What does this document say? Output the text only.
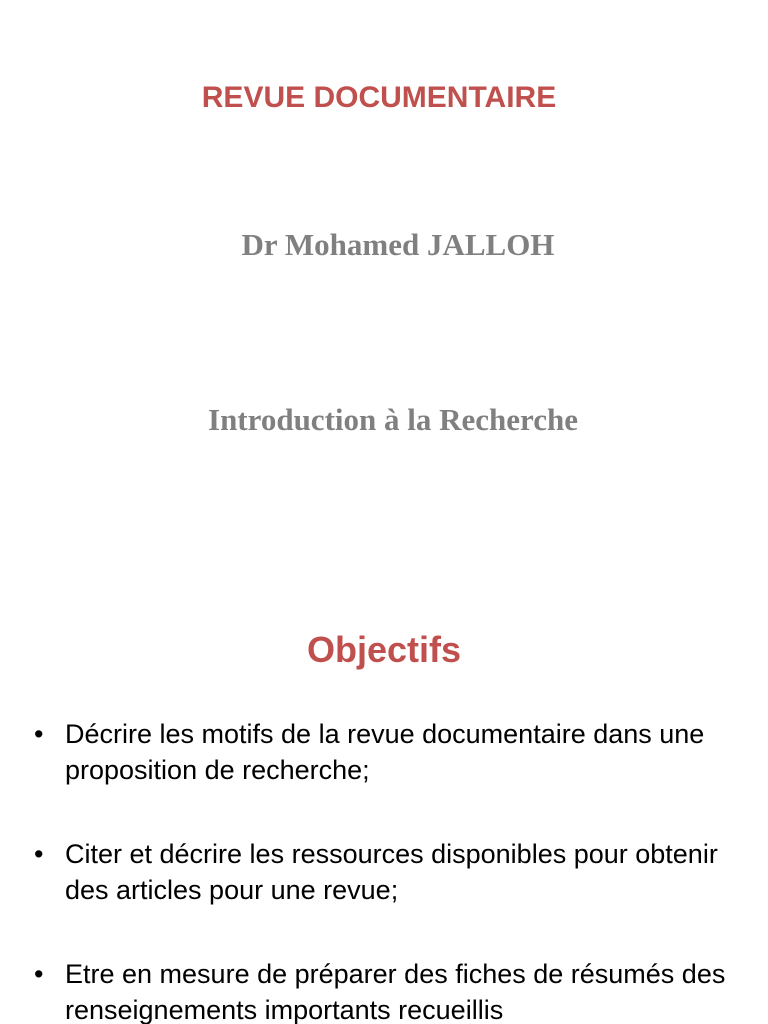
REVUE DOCUMENTAIRE
Dr Mohamed JALLOH
Introduction à la Recherche
Objectifs
• Décrire les motifs de la revue documentaire dans une proposition de recherche;
• Citer et décrire les ressources disponibles pour obtenir des articles pour une revue;
• Etre en mesure de préparer des fiches de résumés des renseignements importants recueillis
